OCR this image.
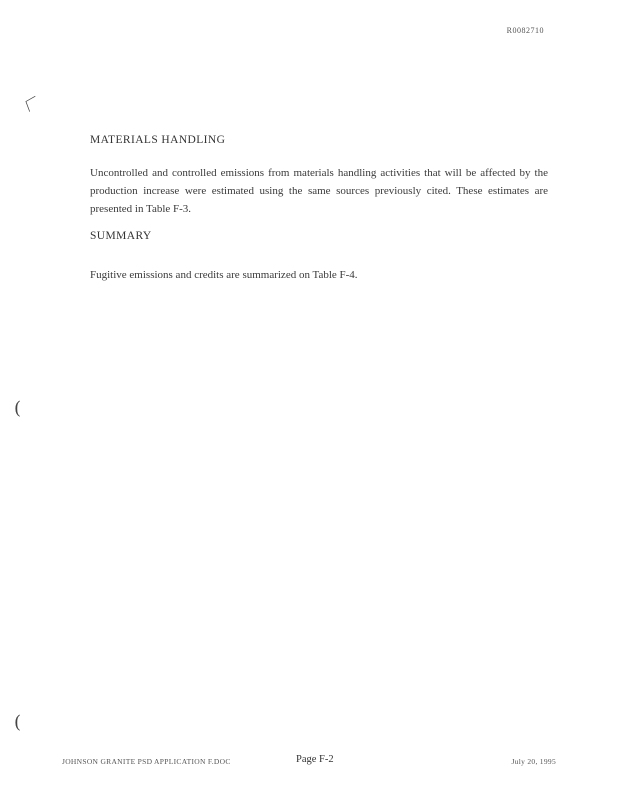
R0082710
〈
(
(
MATERIALS HANDLING
Uncontrolled and controlled emissions from materials handling activities that will be affected by the production increase were estimated using the same sources previously cited. These estimates are presented in Table F-3.
SUMMARY
Fugitive emissions and credits are summarized on Table F-4.
JOHNSON GRANITE PSD APPLICATION F.DOC	Page F-2	July 20, 1995
